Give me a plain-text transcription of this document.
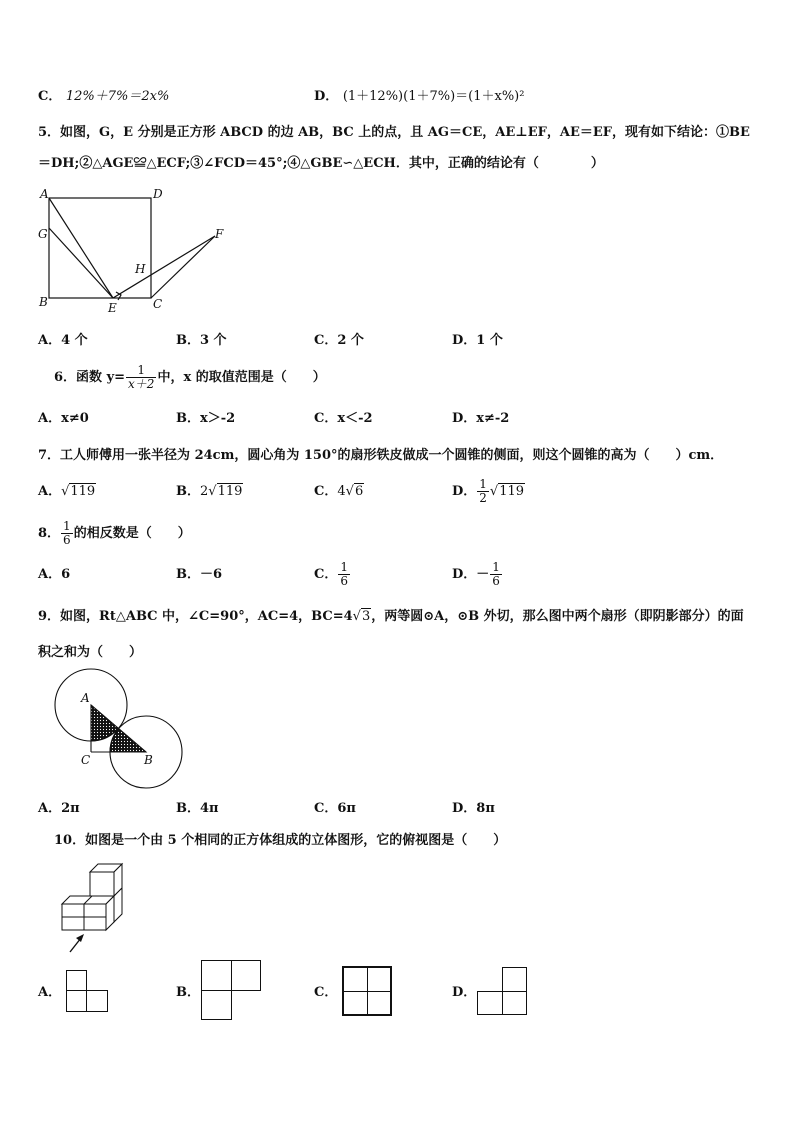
C． 12%＋7%＝2x%	D． (1＋12%)(1＋7%)＝(1＋x%)²
5．如图，G，E 分别是正方形 ABCD 的边 AB，BC 上的点，且 AG＝CE，AE⊥EF，AE＝EF，现有如下结论：①BE
＝DH;②△AGE≌△ECF;③∠FCD＝45°;④△GBE∽△ECH．其中，正确的结论有（　　　　）
A	D
G	F
H
B	E	C
A．4 个	B．3 个	C．2 个	D．1 个
6．函数 $y= \frac{1}{x+2}$ 中，x 的取值范围是（　　）
A．x≠0	B．x＞-2	C．x＜-2	D．x≠-2
7．工人师傅用一张半径为 24cm，圆心角为 150°的扇形铁皮做成一个圆锥的侧面，则这个圆锥的高为（　　）cm．
A．√119	B．2√119	C．4√6	D． $\frac{1}{2} √119$
8． $\frac{1}{6}$ 的相反数是（　　）
A．6	B．－6	C． $\frac{1}{6}$	D．－ $\frac{1}{6}$
9．如图，Rt△ABC 中，∠C=90°，AC=4，BC=4√3，两等圆⊙A，⊙B 外切，那么图中两个扇形（即阴影部分）的面
积之和为（　　）
A
C	B
A．2π	B．4π	C．6π	D．8π
10．如图是一个由 5 个相同的正方体组成的立体图形，它的俯视图是（　　）
A．	B．	C．	D．
